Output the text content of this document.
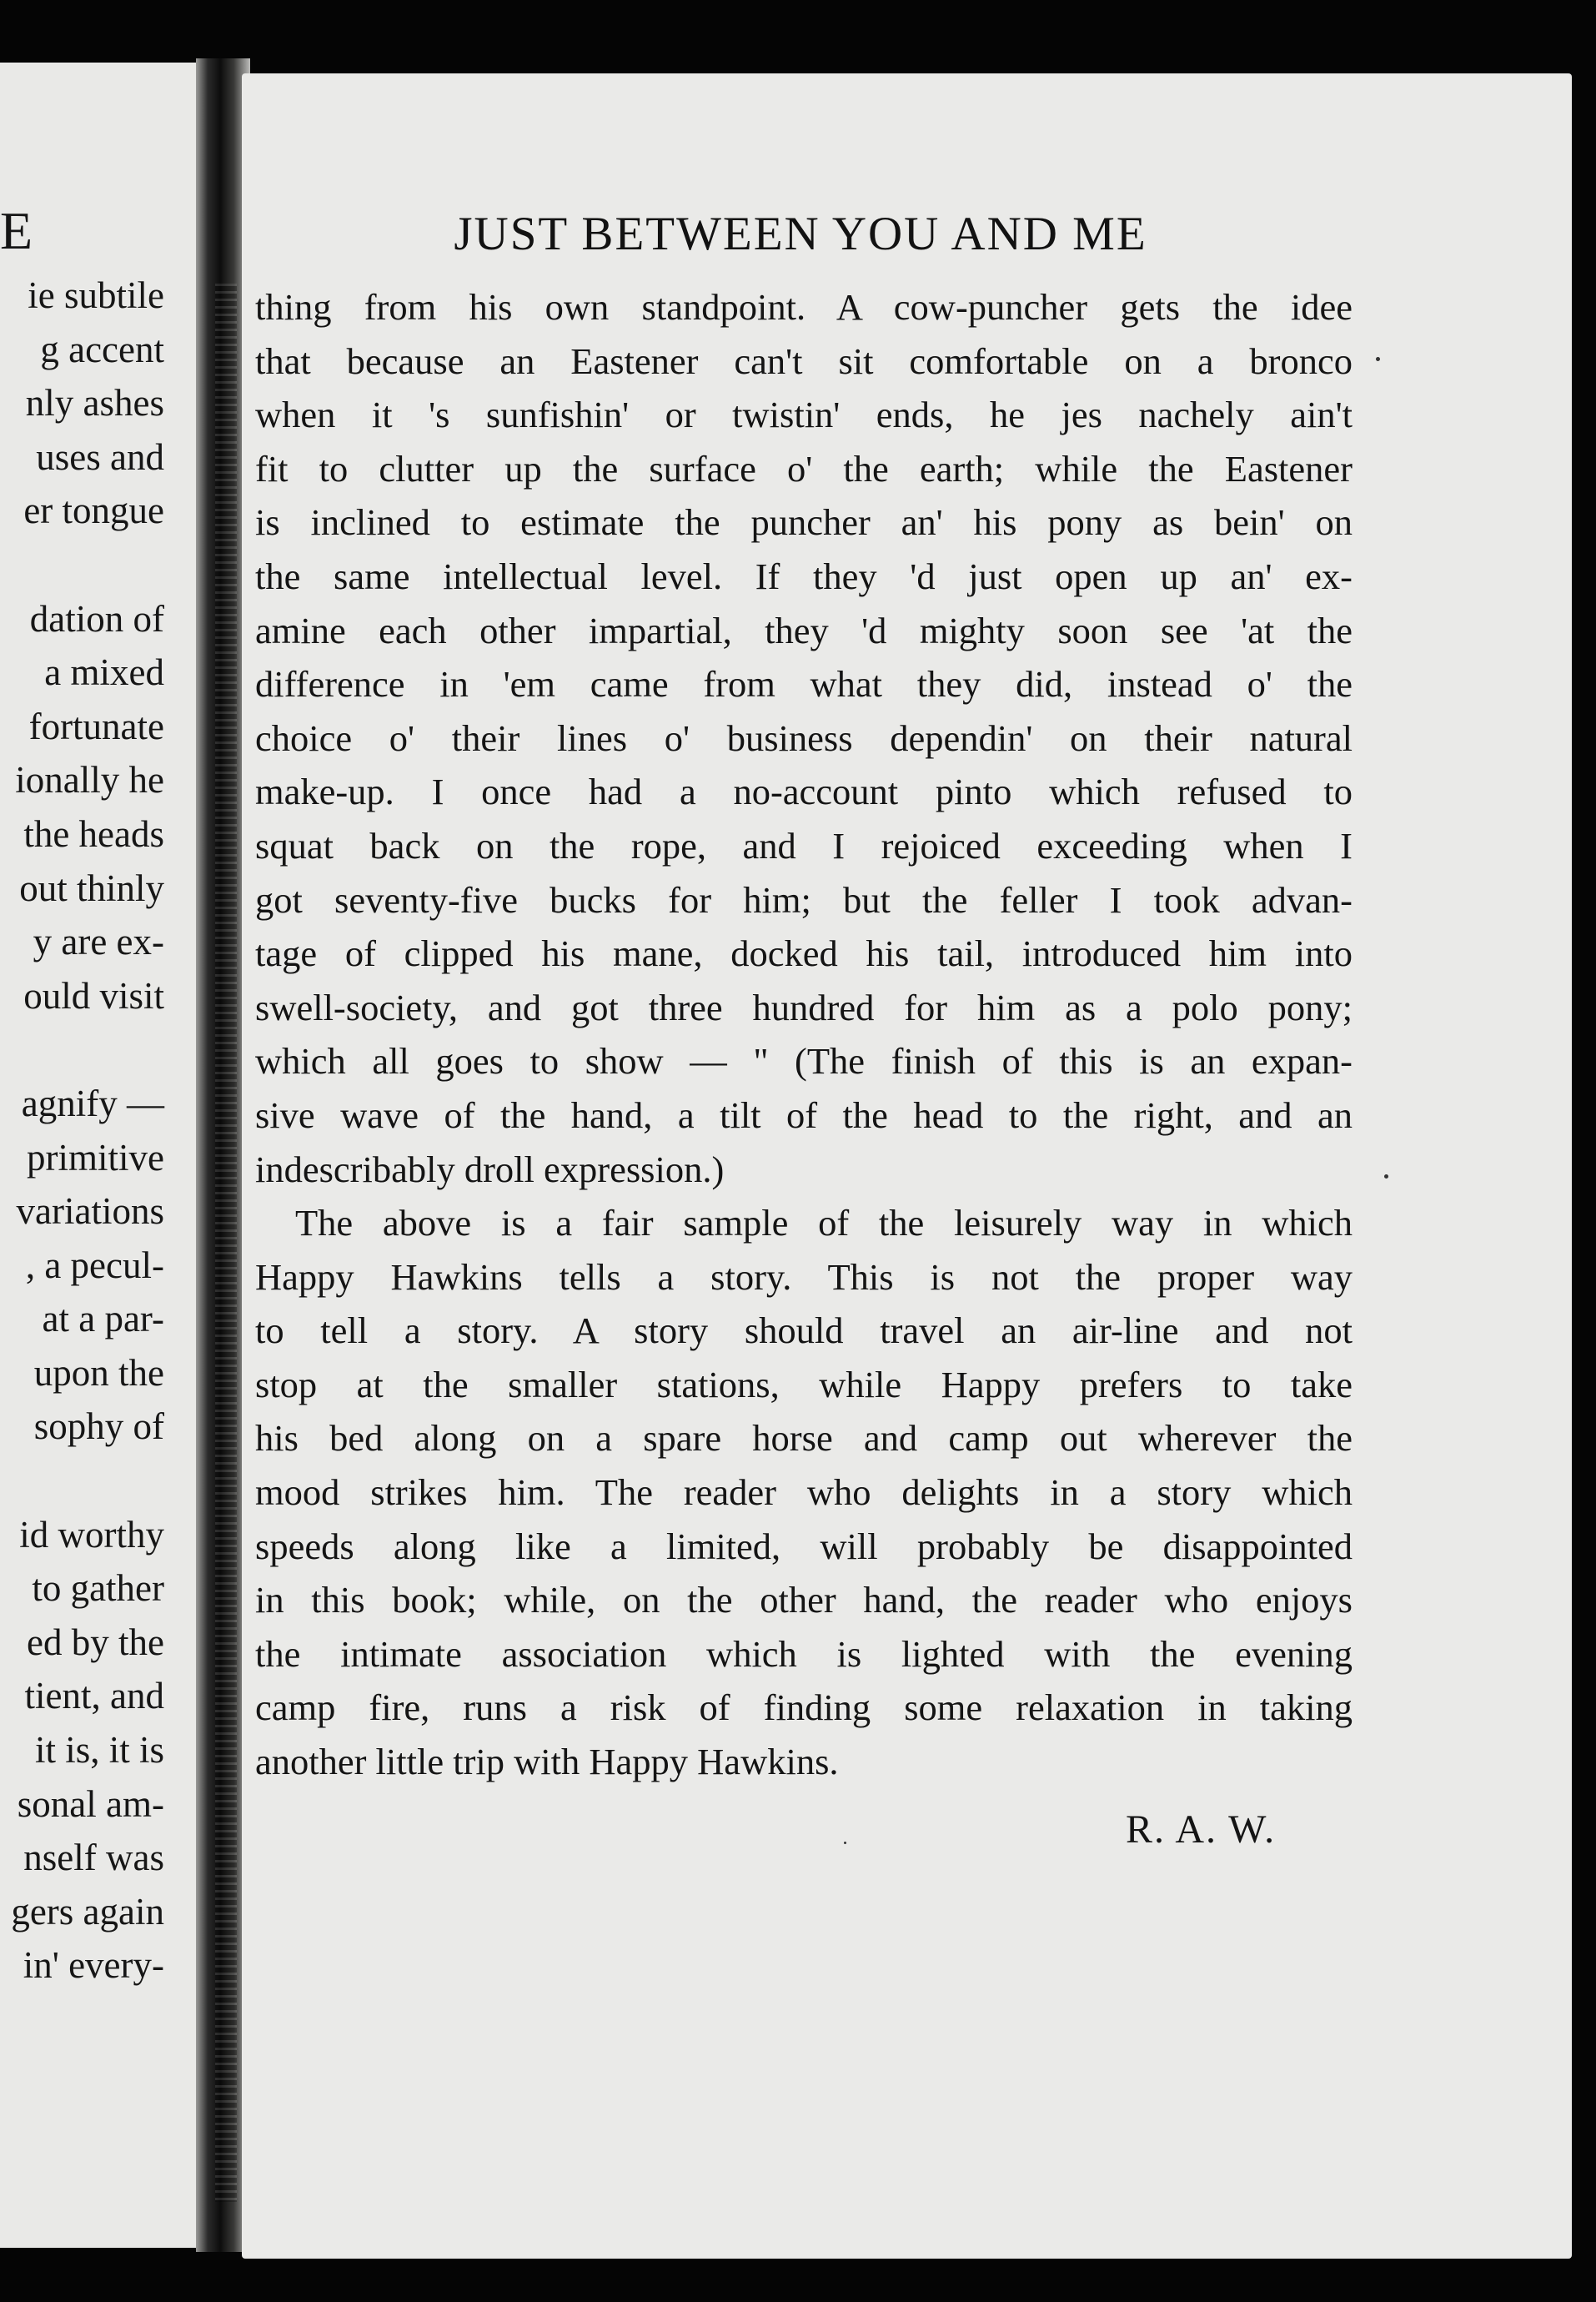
E
ie subtile
g accent
nly ashes
uses and
er tongue
dation of
a mixed
fortunate
ionally he
the heads
out thinly
y are ex-
ould visit
agnify —
primitive
variations
, a pecul-
at a par-
upon the
sophy of
id worthy
to gather
ed by the
tient, and
it is, it is
sonal am-
nself was
gers again
in' every-
JUST BETWEEN YOU AND ME
thing from his own standpoint. A cow-puncher gets the idee
that because an Eastener can't sit comfortable on a bronco
when it 's sunfishin' or twistin' ends, he jes nachely ain't
fit to clutter up the surface o' the earth; while the Eastener
is inclined to estimate the puncher an' his pony as bein' on
the same intellectual level. If they 'd just open up an' ex-
amine each other impartial, they 'd mighty soon see 'at the
difference in 'em came from what they did, instead o' the
choice o' their lines o' business dependin' on their natural
make-up. I once had a no-account pinto which refused to
squat back on the rope, and I rejoiced exceeding when I
got seventy-five bucks for him; but the feller I took advan-
tage of clipped his mane, docked his tail, introduced him into
swell-society, and got three hundred for him as a polo pony;
which all goes to show — " (The finish of this is an expan-
sive wave of the hand, a tilt of the head to the right, and an
indescribably droll expression.)
The above is a fair sample of the leisurely way in which
Happy Hawkins tells a story. This is not the proper way
to tell a story. A story should travel an air-line and not
stop at the smaller stations, while Happy prefers to take
his bed along on a spare horse and camp out wherever the
mood strikes him. The reader who delights in a story which
speeds along like a limited, will probably be disappointed
in this book; while, on the other hand, the reader who enjoys
the intimate association which is lighted with the evening
camp fire, runs a risk of finding some relaxation in taking
another little trip with Happy Hawkins.
R. A. W.
